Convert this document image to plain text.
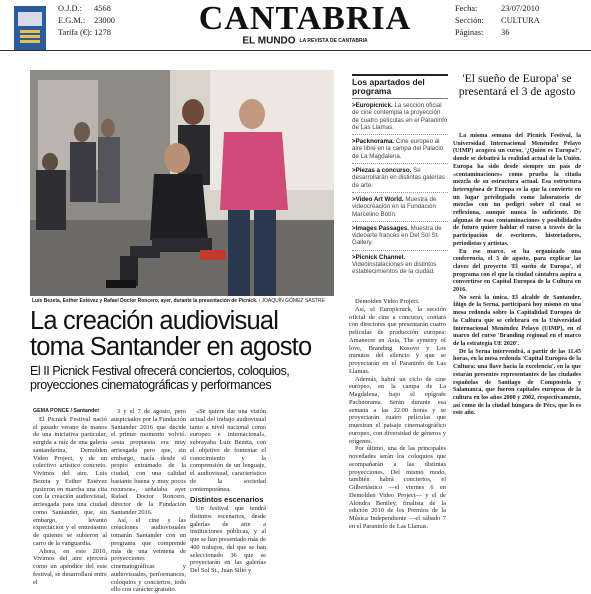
O.J.D.: 4568
E.G.M.: 23000
Tarifa (€): 1278
Fecha:	23/07/2010
Sección: CULTURA
Páginas: 36
CANTABRIA
EL MUNDO LA REVISTA DE CANTABRIA
Luis Bezeta, Esther Estévez y Rafael Doctor Roncero, ayer, durante la presentación de Picnick. / JOAQUÍN GÓMEZ SASTRE
La creación audiovisual toma Santander en agosto
El II Picnick Festival ofrecerá conciertos, coloquios, proyecciones cinematográficas y performances

GEMA PONCE / Santander

El Picnick Festival nació el pasado verano de manos de una iniciativa particular, surgida a raíz de una galería santanderina, Demolden Video Project, y de un colectivo artístico concreto. Vivimos del aire. Luis Bezeta y Esther Estévez pusieron en marcha una cita con la creación audiovisual, arriesgada para una ciudad como Santander, que, sin embargo, levantó expectación y el entusiasmo de quienes se subieron al carro de la vanguardia.

Ahora, en este 2010, Vivimos del aire ejercerá como un apéndice del este festival, se desarrollará entre el

3 y el 7 de agosto, pero auspiciados por la Fundación Santander 2016 que decide el primer momento volvió. «esta propuesta era muy arriesgada pero que, sin embargo, nacía desde el propio entramado de la ciudad, con una calidad bastante buena y muy pocos recursos», señalaba ayer Rafael Doctor Roncero, director de la Fundación Santander 2016.

Así, el cine y las creaciones audiovisuales tomarán Santander con un programa que comprende más de una veintena de proyecciones cinematográficas y audiovisuales, performances, coloquios y conciertos, todo ello con carácter gratuito.

«Se quiere dar una visión actual del trabajo audiovisual tanto a nivel nacional como europeo e internacional», subrayaba Luiz Bezeta, con el objetivo de fomentar el conocimiento y la comprensión de un lenguaje, el audiovisual, característico de la sociedad contemporánea.

Distintos escenarios

Un festival que tendrá distintos escenarios, desde galerías de arte a instituciones públicas, y al que se han presentado más de 400 trabajos, del que se han seleccionado 36 que se proyectarán en las galerías Del Sol St., Juan Silió y

Demolden Video Project.

Así, el Europicnick, la sección oficial de cine a concurso, contará con directores que presentarán cuatro películas de producción europea: Amanecer en Asia, The symetry of love, Branding Kosovo y Los minutos del silencio y que se proyectarán en el Paraninfo de Las Llamas.

Además, habrá un ciclo de cine europeo, en la campa de La Magdalena, bajo el epígrafe Pachnorama. Serán durante esa semana a las 22.00 horas y se proyectarán cuatro películas que muestran el paisaje cinematográfico europeo, con diversidad de géneros y orígenes.

Por último, una de las principales novedades serán los coloquios que acompañarán a las distintas proyecciones. Del mismo modo, también habrá conciertos, el Gilbertástico —el viernes 6 en Demolden Video Project— y el de Alondra Bentley, finalista de la edición 2010 de los Premios de la Música Independiente —el sábado 7 en el Paraninfo de Las Llamas.

Los apartados del programa
>Europicnick. La sección oficial de cine contempla la proyección de cuatro películas en el Paraninfo de Las Llamas.
>Packnorama. Cine europeo al aire libre en la campa del Palacio de La Magdalena.
>Piezas a concurso. Se desarrollarán en distintas galerías de arte.
>Video Art World. Muestra de videocreación en la Fundación Marcelino Botín.
>Images Passages. Muestra de videoarte francés en Del Sol St. Gallery.
>Picnick Channel. Videoinstalaciones en distintos establecimientos de la ciudad.
'El sueño de Europa' se presentará el 3 de agosto

La misma semana del Picnick Festival, la Universidad Internacional Menéndez Pelayo (UIMP) acogerá un curso, '¿Quién es Europa?', donde se debatirá la realidad actual de la Unión. Europa ha sido desde siempre un país de «contaminaciones» como prueba la citada mezcla de su estructura actual. Esa estructura heterogénea de Europa es la que la convierte en un lugar privilegiado como laboratorio de mezclas con un pedigrí sobre el cual se reflexiona, aunque nunca lo suficiente. De algunas de esas contaminaciones y posibilidades de futuro quiere hablar el curso a través de la participación de escritores, historiadores, periodistas y artistas.

En ese marco, se ha organizado una conferencia, el 3 de agosto, para explicar las claves del proyecto 'El sueño de Europa', el programa con el que la ciudad cántabra aspira a convertirse en Capital Europea de la Cultura en 2016.

No será la única. El alcalde de Santander, Íñigo de la Serna, participará hoy mismo en una mesa redonda sobre la Capitalidad Europea de la Cultura que se celebrará en la Universidad Internacional Menéndez Pelayo (UIMP), en el marco del curso 'Branding regional en el marco de la estrategia UE 2020'.

De la Serna intervendrá, a partir de las 11.45 horas, en la mesa redonda 'Capital Europea de la Cultura: una llave hacia la excelencia', en la que estarán presentes representantes de las ciudades españolas de Santiago de Compostela y Salamanca, que fueron capitales europeas de la cultura en los años 2000 y 2002, respectivamente, así como de la ciudad húngara de Pécs, que lo es este año.
